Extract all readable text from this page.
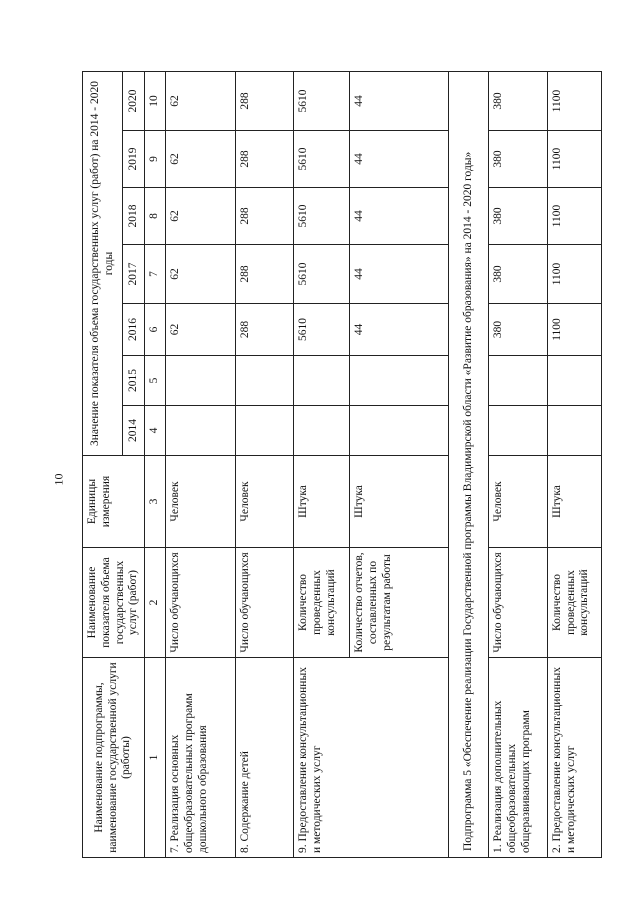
10
Наименование подпрограммы, наименование государственной услуги (работы)	Наименование показателя объема государственных услуг (работ)	Единицы измерения	Значение показателя объема государственных услуг (работ) на 2014 - 2020 годы						
			2014	2015	2016	2017	2018	2019	2020
1	2	3	4	5	6	7	8	9	10
7. Реализация основных общеобразовательных программ дошкольного образования	Число обучающихся	Человек			62	62	62	62	62
8. Содержание детей	Число обучающихся	Человек			288	288	288	288	288
9. Предоставление консультационных и методических услуг	Количество проведенных консультаций	Штука			5610	5610	5610	5610	5610
	Количество отчетов, составленных по результатам работы	Штука			44	44	44	44	44
Подпрограмма 5 «Обеспечение реализации Государственной программы Владимирской области «Развитие образования» на 2014 - 2020 годы»									
1. Реализация дополнительных общеобразовательных общеразвивающих программ	Число обучающихся	Человек			380	380	380	380	380
2. Предоставление консультационных и методических услуг	Количество проведенных консультаций	Штука			1100	1100	1100	1100	1100
